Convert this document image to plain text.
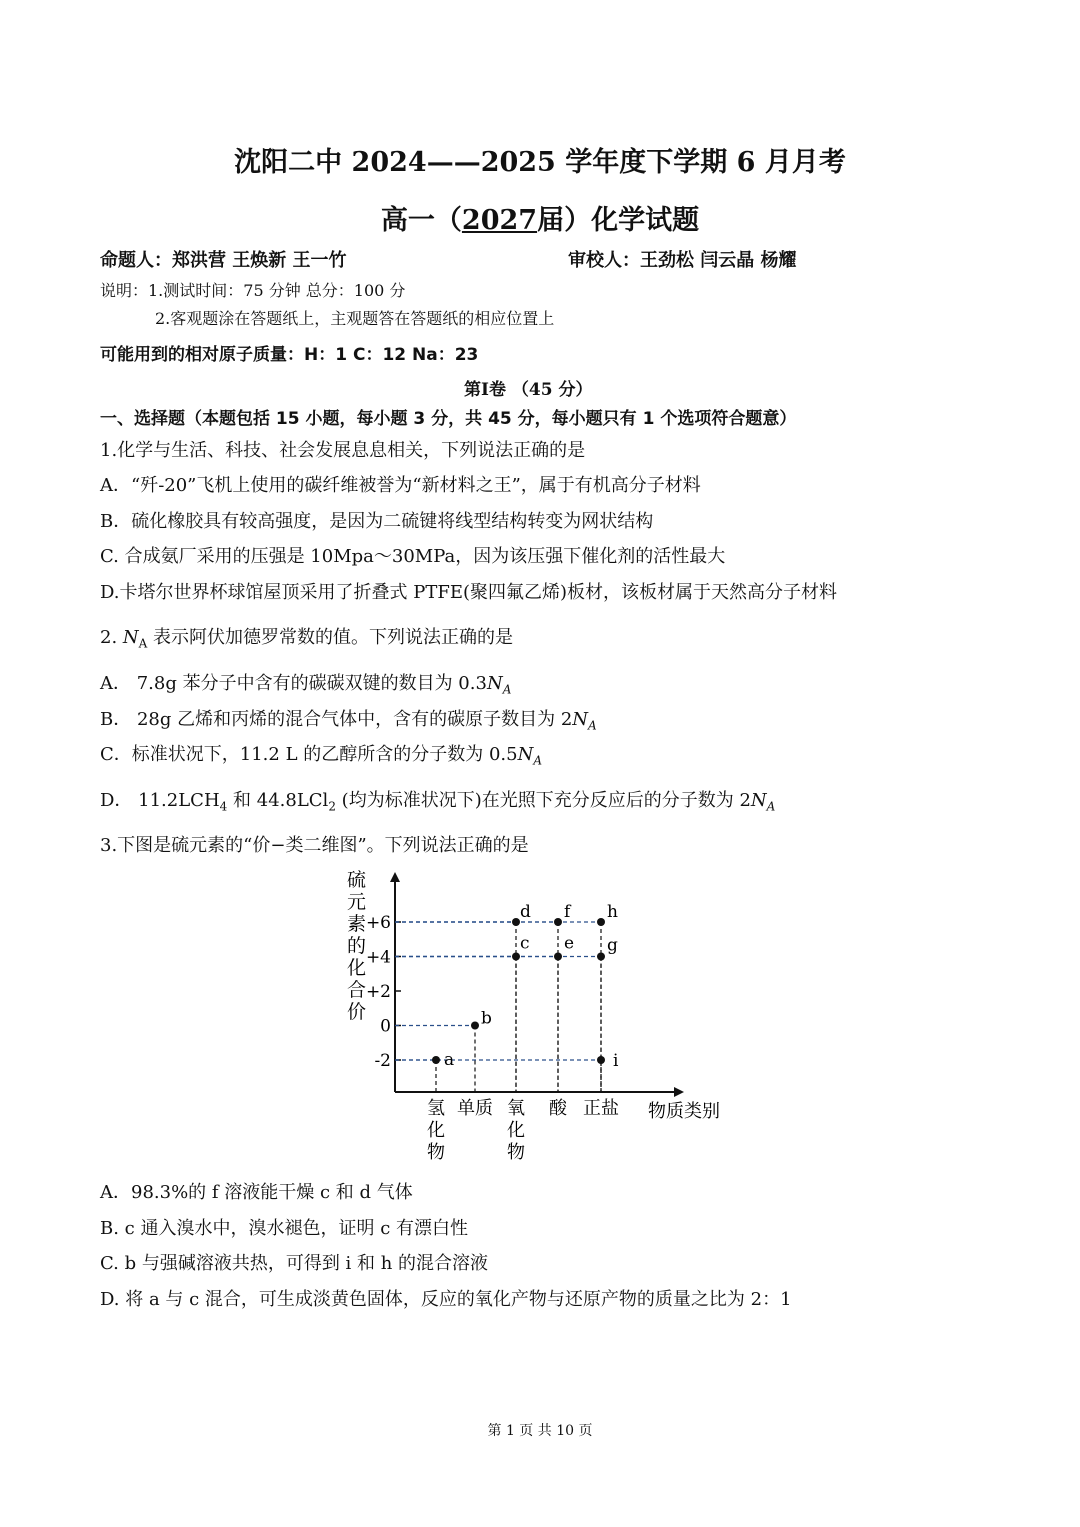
沈阳二中 2024——2025 学年度下学期 6 月月考
高一（2027届）化学试题
命题人：郑洪营 王焕新 王一竹	审校人：王劲松 闫云晶 杨耀
说明：1.测试时间：75 分钟 总分：100 分
2.客观题涂在答题纸上，主观题答在答题纸的相应位置上
可能用到的相对原子质量：H：1 C：12 Na：23
第Ⅰ卷 （45 分）
一、选择题（本题包括 15 小题，每小题 3 分，共 45 分，每小题只有 1 个选项符合题意）
1.化学与生活、科技、社会发展息息相关，下列说法正确的是
A．“歼-20”飞机上使用的碳纤维被誉为“新材料之王”，属于有机高分子材料
B．硫化橡胶具有较高强度，是因为二硫键将线型结构转变为网状结构
C. 合成氨厂采用的压强是 10Mpa～30MPa，因为该压强下催化剂的活性最大
D.卡塔尔世界杯球馆屋顶采用了折叠式 PTFE(聚四氟乙烯)板材，该板材属于天然高分子材料
2. $N_A$ 表示阿伏加德罗常数的值。下列说法正确的是
A． 7.8g 苯分子中含有的碳碳双键的数目为 $0.3N_A$
B． 28g 乙烯和丙烯的混合气体中，含有的碳原子数目为 $2N_A$
C．标准状况下，11.2 L 的乙醇所含的分子数为 $0.5N_A$
D． $11.2LCH_4$ 和 44.8LCl$_2$ (均为标准状况下)在光照下充分反应后的分子数为 $2N_A$
3.下图是硫元素的“价−类二维图”。下列说法正确的是
硫
元
素
的
化
合
价
-2
0
+2
+4
+6
a
b
c
d
e
f
g
h
i
氢
化
物
单质 氧
化
物
酸 正盐 物质类别
A．98.3%的 f 溶液能干燥 c 和 d 气体
B. c 通入溴水中，溴水褪色，证明 c 有漂白性
C. b 与强碱溶液共热，可得到 i 和 h 的混合溶液
D. 将 a 与 c 混合，可生成淡黄色固体，反应的氧化产物与还原产物的质量之比为 2：1
第 1 页 共 10 页
